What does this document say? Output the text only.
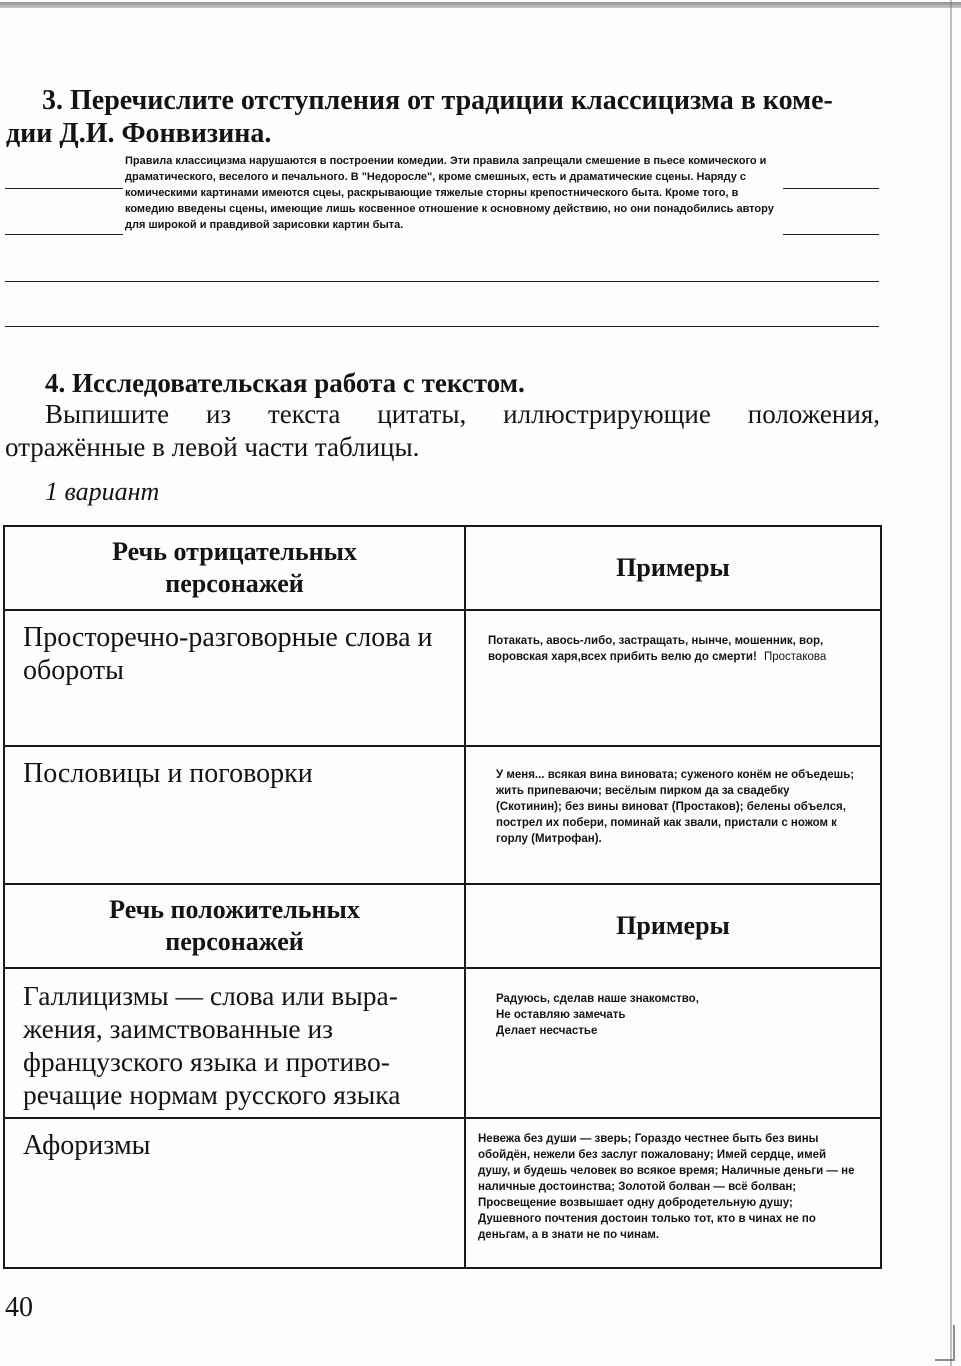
3. Перечислите отступления от традиции классицизма в коме-
дии Д.И. Фонвизина.

Правила классицизма нарушаются в построении комедии. Эти правила запрещали смешение в пьесе комического и драматического, веселого и печального. В "Недоросле", кроме смешных, есть и драматические сцены. Наряду с комическими картинами имеются сцеы, раскрывающие тяжелые сторны крепостнического быта. Кроме того, в комедию введены сцены, имеющие лишь косвенное отношение к основному действию, но они понадобились автору для широкой и правдивой зарисовки картин быта.

4. Исследовательская работа с текстом.

Выпишите из текста цитаты, иллюстрирующие положения,
отражённые в левой части таблицы.

1 вариант

Речь отрицательных персонажей	Примеры
Просторечно-разговорные слова и обороты	Потакать, авось-либо, застращать, нынче, мошенник, вор, воровская харя,всех прибить велю до смерти! Простакова

Пословицы и поговорки	У меня... всякая вина виновата; суженого конём не объедешь; жить припеваючи; весёлым пирком да за свадебку (Скотинин); без вины виноват (Простаков); белены объелся, пострел их побери, поминай как звали, пристали с ножом к горлу (Митрофан).

Речь положительных персонажей	Примеры
Галлицизмы — слова или выра-жения, заимствованные из французского языка и противо-речащие нормам русского языка	Радуюсь, сделав наше знакомство,
Не оставляю замечать
Делает несчастье

Афоризмы	Невежа без души — зверь; Гораздо честнее быть без вины обойдён, нежели без заслуг пожаловану; Имей сердце, имей душу, и будешь человек во всякое время; Наличные деньги — не наличные достоинства; Золотой болван — всё болван; Просвещение возвышает одну добродетельную душу; Душевного почтения достоин только тот, кто в чинах не по деньгам, а в знати не по чинам.

40
